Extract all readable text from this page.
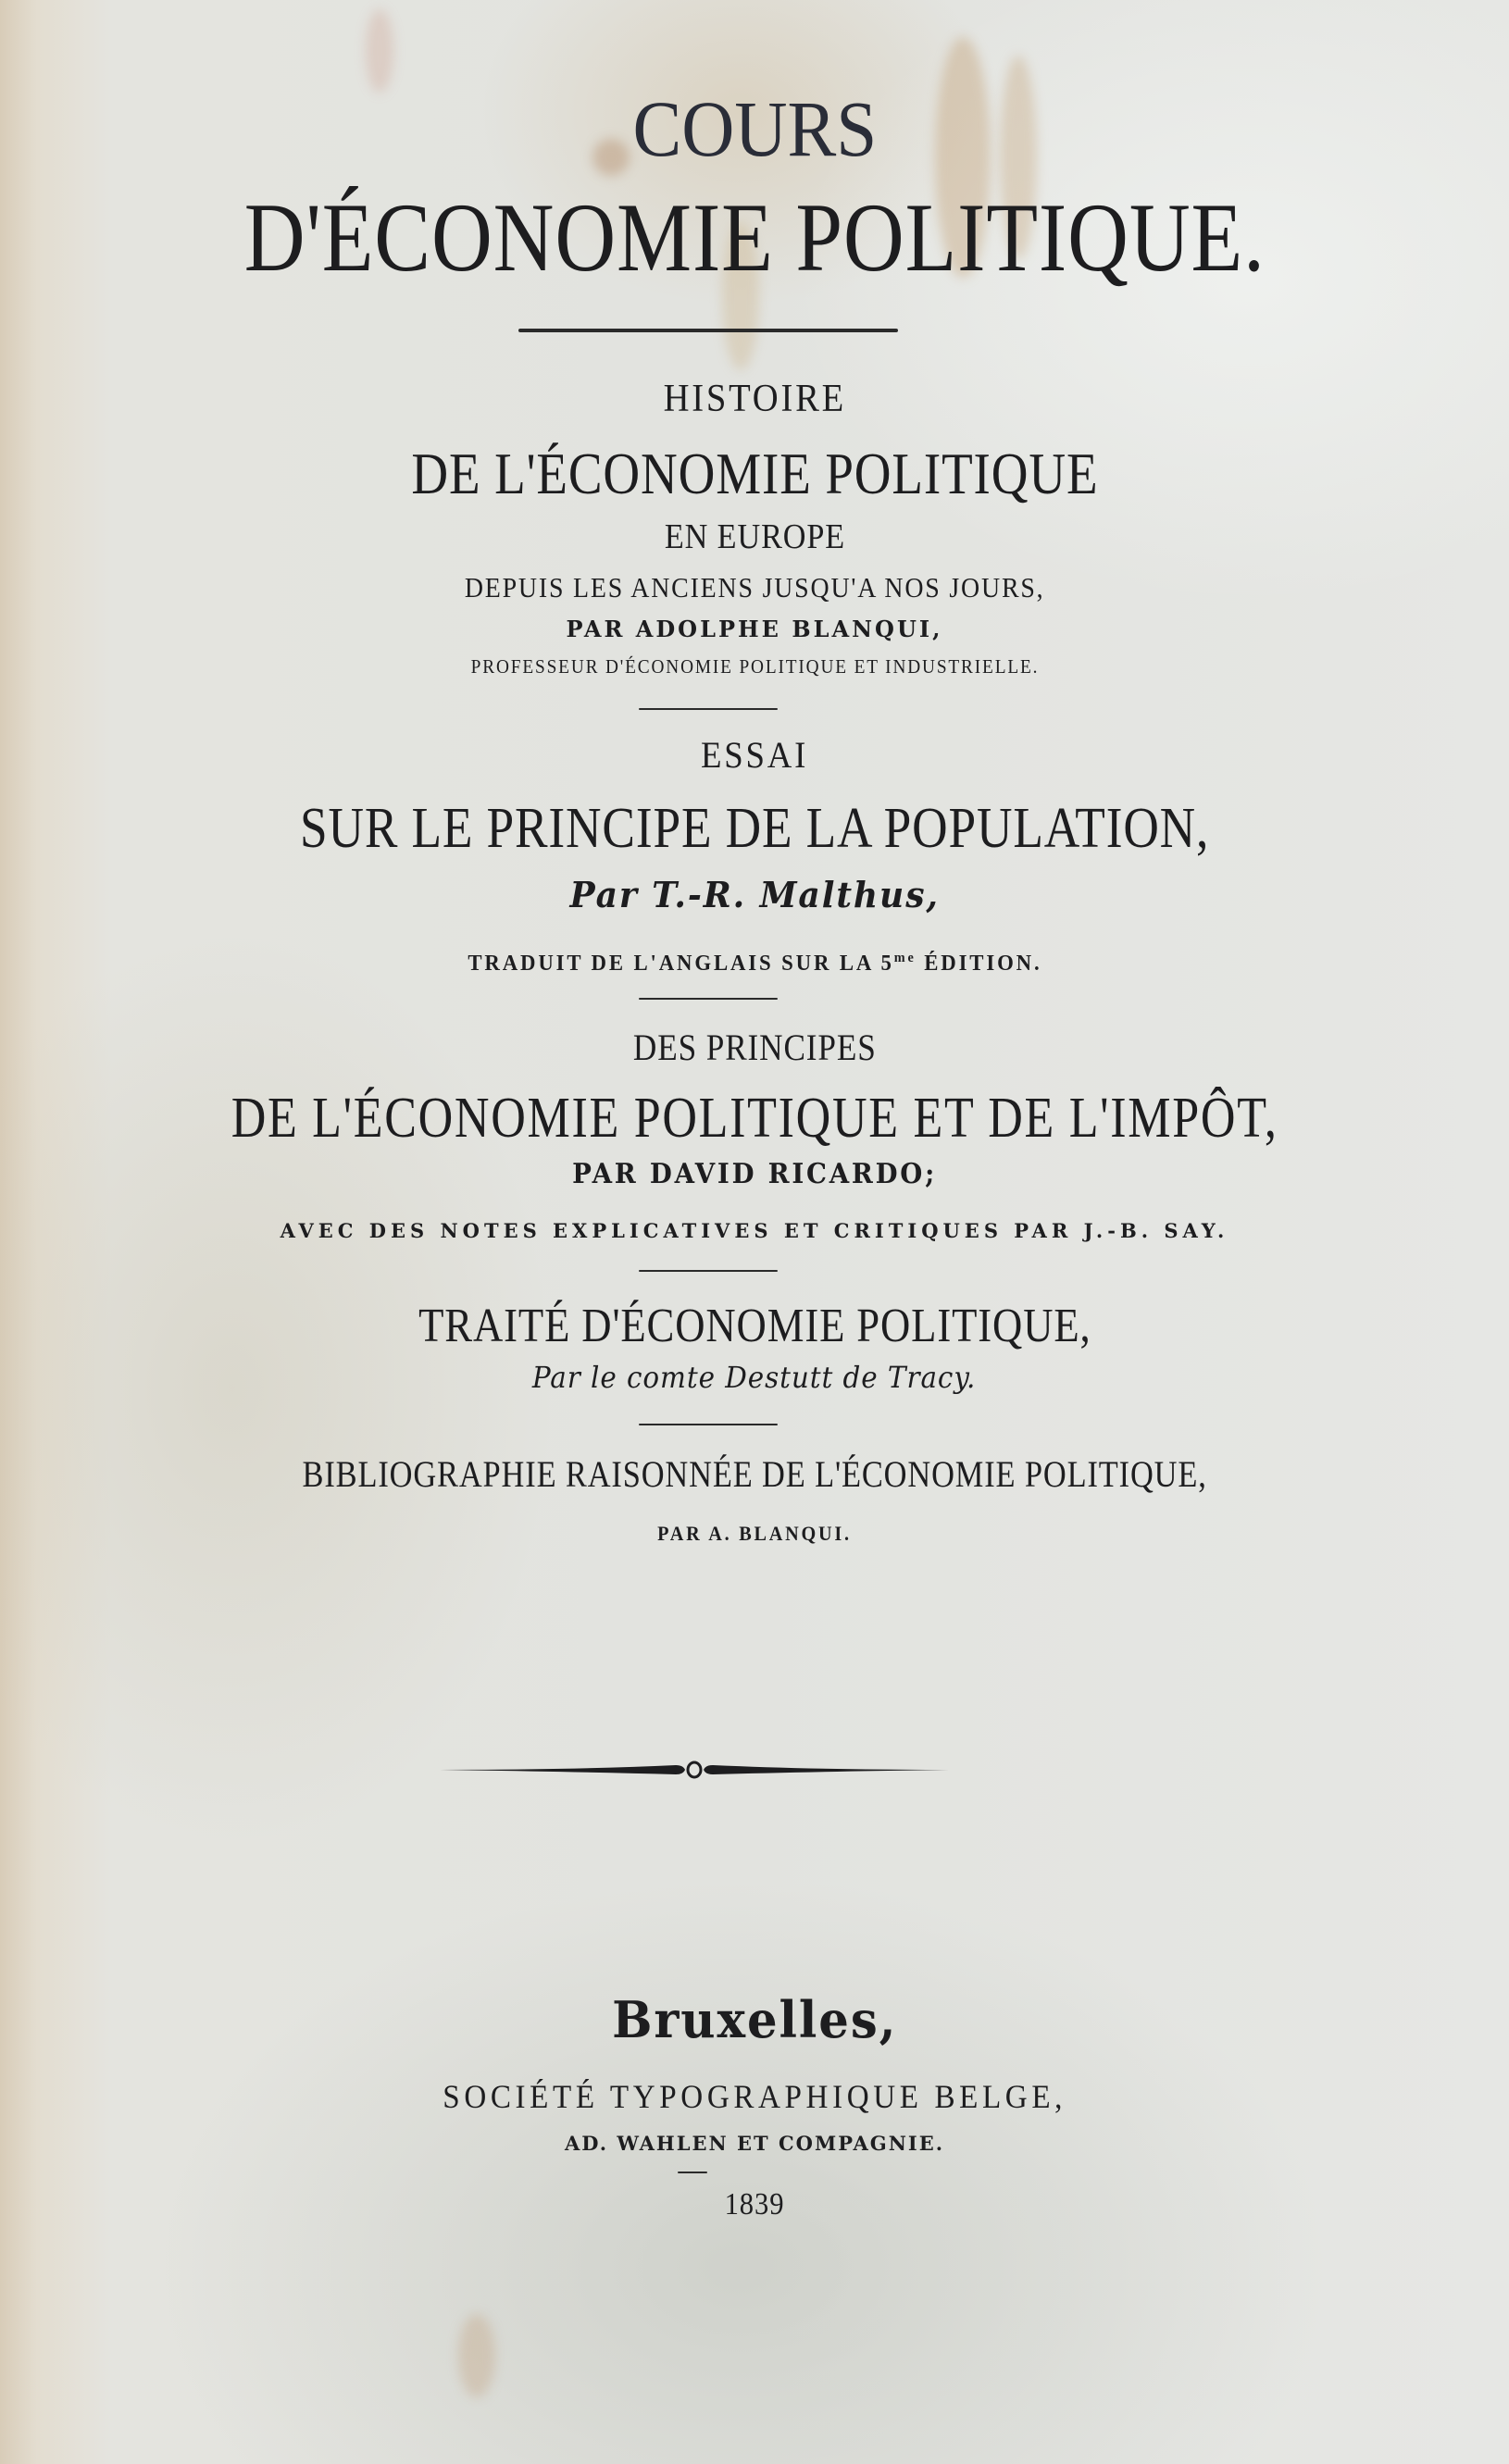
COURS
D'ÉCONOMIE POLITIQUE.
HISTOIRE
DE L'ÉCONOMIE POLITIQUE
EN EUROPE
DEPUIS LES ANCIENS JUSQU'A NOS JOURS,
PAR ADOLPHE BLANQUI,
PROFESSEUR D'ÉCONOMIE POLITIQUE ET INDUSTRIELLE.
ESSAI
SUR LE PRINCIPE DE LA POPULATION,
Par T.-R. Malthus,
TRADUIT DE L'ANGLAIS SUR LA $5^{me}$ ÉDITION.
DES PRINCIPES
DE L'ÉCONOMIE POLITIQUE ET DE L'IMPÔT,
PAR DAVID RICARDO;
AVEC DES NOTES EXPLICATIVES ET CRITIQUES PAR J.-B. SAY.
TRAITÉ D'ÉCONOMIE POLITIQUE,
Par le comte Destutt de Tracy.
BIBLIOGRAPHIE RAISONNÉE DE L'ÉCONOMIE POLITIQUE,
PAR A. BLANQUI.
Bruxelles,
SOCIÉTÉ TYPOGRAPHIQUE BELGE,
AD. WAHLEN ET COMPAGNIE.
1839
